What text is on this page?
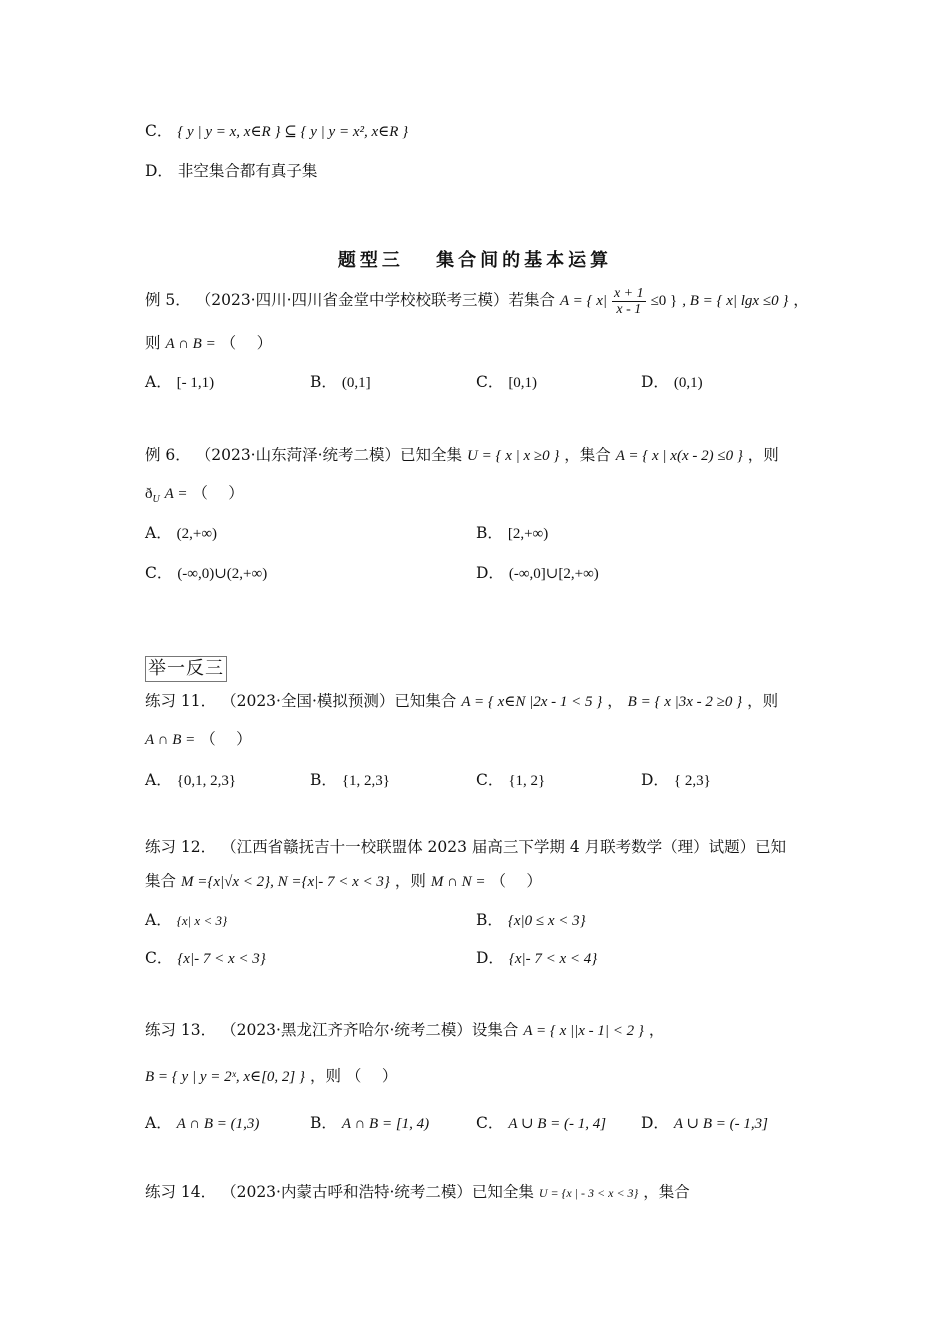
C． { y | y = x, x∈R } ⊆ { y | y = x², x∈R }
D． 非空集合都有真子集
题型三　 集合间的基本运算
例 5． （2023·四川·四川省金堂中学校校联考三模）若集合 A = { $x| \frac{x + 1}{x - 1} \le 0$ } , B = { x| lgx ≤0 } ，
则 A ∩ B = （　 ）
A． [- 1,1)	B． (0,1]	C． [0,1)	D． (0,1)
例 6． （2023·山东菏泽·统考二模）已知全集 U = { x | x ≥0 } ，集合 A = { x | x(x - 2) ≤0 } ，则
$ð_U$ A = （　 ）
A． (2,+∞)	B． [2,+∞)
C． (-∞,0)∪(2,+∞)	D． (-∞,0]∪[2,+∞)
举一反三
练习 11． （2023·全国·模拟预测）已知集合 A = { x∈N |2x - 1 < 5 } ， B = { x |3x - 2 ≥0 } ，则
A ∩ B = （　 ）
A． {0,1, 2,3}	B． {1, 2,3}	C． {1, 2}	D． { 2,3}
练习 12． （江西省赣抚吉十一校联盟体 2023 届高三下学期 4 月联考数学（理）试题）已知
集合 M ={x|√x < 2}, N ={x|- 7 < x < 3} ，则 M ∩ N = （　 ）
A． {x| x < 3}	B． {x|0 ≤ x < 3}
C． {x|- 7 < x < 3}	D． {x|- 7 < x < 4}
练习 13． （2023·黑龙江齐齐哈尔·统考二模）设集合 A = { x ||x - 1| < 2 } ，
B = { y | y = 2ˣ, x∈[0, 2] } ，则 （　 ）
A． A ∩ B = (1,3)	B． A ∩ B = [1, 4)	C． A ∪ B = (- 1, 4] D． A ∪ B = (- 1,3]
练习 14． （2023·内蒙古呼和浩特·统考二模）已知全集 U = {x | - 3 < x < 3} ，集合
